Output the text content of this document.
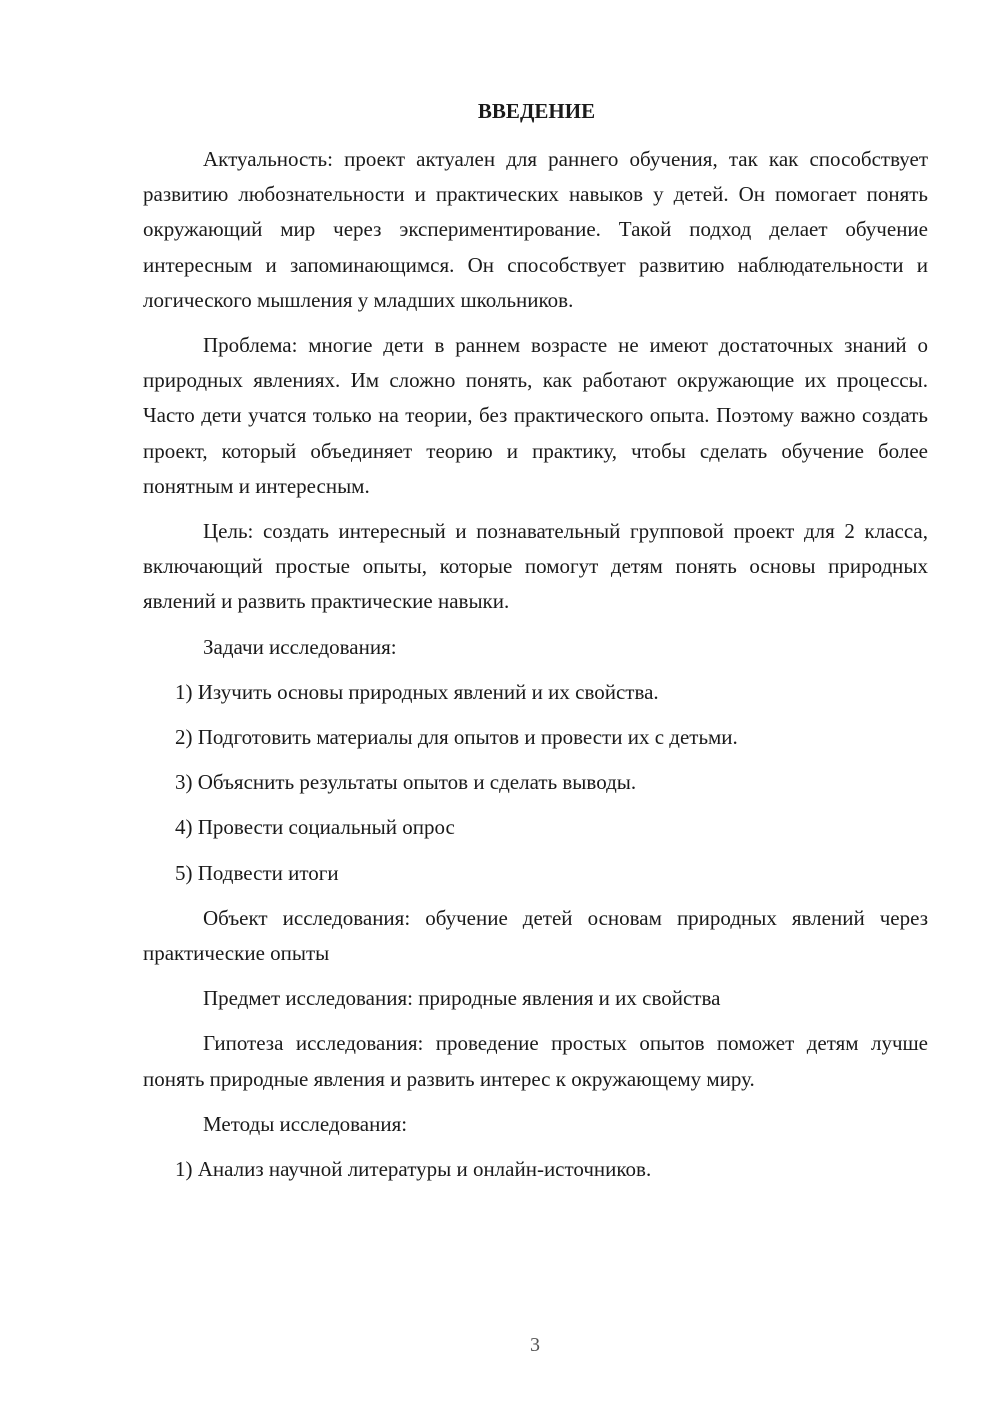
ВВЕДЕНИЕ

Актуальность: проект актуален для раннего обучения, так как способствует развитию любознательности и практических навыков у детей. Он помогает понять окружающий мир через экспериментирование. Такой подход делает обучение интересным и запоминающимся. Он способствует развитию наблюдательности и логического мышления у младших школьников.

Проблема: многие дети в раннем возрасте не имеют достаточных знаний о природных явлениях. Им сложно понять, как работают окружающие их процессы. Часто дети учатся только на теории, без практического опыта. Поэтому важно создать проект, который объединяет теорию и практику, чтобы сделать обучение более понятным и интересным.

Цель: создать интересный и познавательный групповой проект для 2 класса, включающий простые опыты, которые помогут детям понять основы природных явлений и развить практические навыки.

Задачи исследования:

1) Изучить основы природных явлений и их свойства.

2) Подготовить материалы для опытов и провести их с детьми.

3) Объяснить результаты опытов и сделать выводы.

4) Провести социальный опрос

5) Подвести итоги

Объект исследования: обучение детей основам природных явлений через практические опыты

Предмет исследования: природные явления и их свойства

Гипотеза исследования: проведение простых опытов поможет детям лучше понять природные явления и развить интерес к окружающему миру.

Методы исследования:

1) Анализ научной литературы и онлайн-источников.

3
